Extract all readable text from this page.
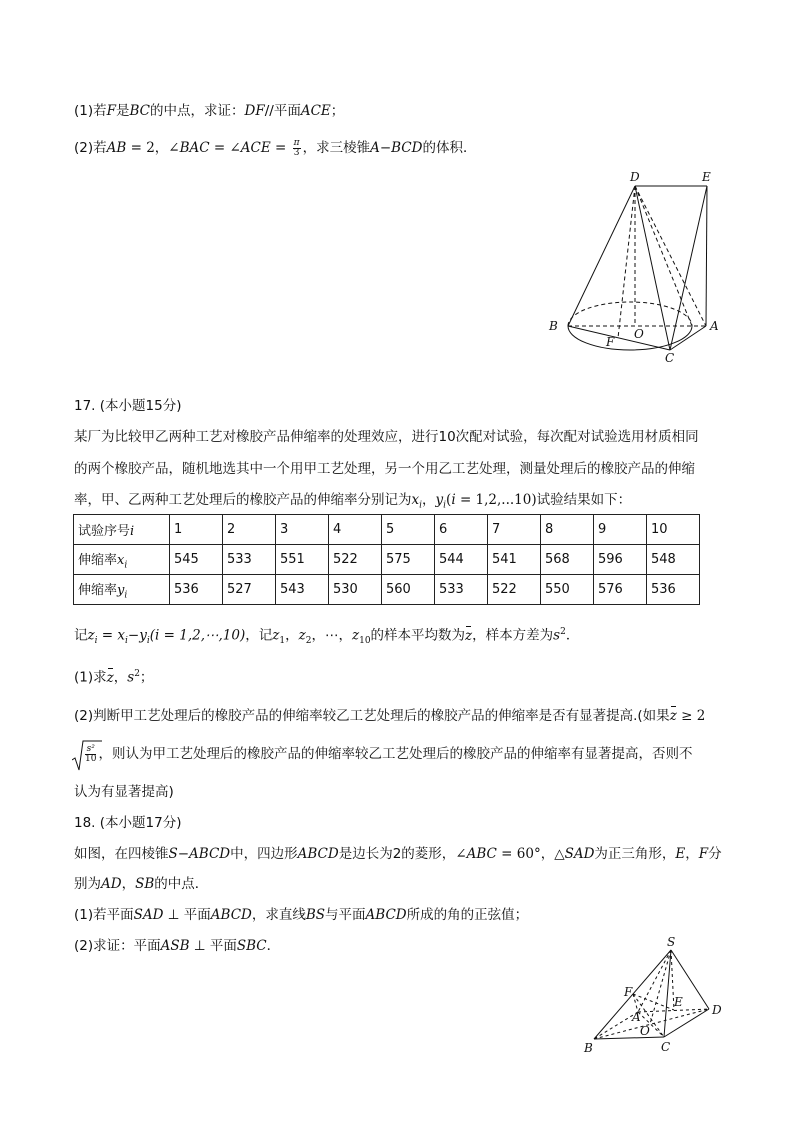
(1)若F是BC的中点，求证：DF//平面ACE；
(2)若AB = 2，∠BAC = ∠ACE = $\frac{\pi}{3}$ ，求三棱锥A−BCD的体积．
D	E
B	A
F
O
C
17. (本小题15分)
某厂为比较甲乙两种工艺对橡胶产品伸缩率的处理效应，进行10次配对试验，每次配对试验选用材质相同
的两个橡胶产品，随机地选其中一个用甲工艺处理，另一个用乙工艺处理，测量处理后的橡胶产品的伸缩
率，甲、乙两种工艺处理后的橡胶产品的伸缩率分别记为$x_i$，$y_i(i = 1,2,...10)$试验结果如下：
试验序号i	1	2	3	4	5	6	7	8	9	10
伸缩率$x_i$	545	533	551	522	575	544	541	568	596	548
伸缩率$y_i$	536	527	543	530	560	533	522	550	576	536
记$z_i = x_i-y_i(i$ = 1,2,⋯,10)，记$z_1$，$z_2$，⋯，$z_{10}$的样本平均数为z，样本方差为$s^2$．
(1)求z，$s^2$；
(2)判断甲工艺处理后的橡胶产品的伸缩率较乙工艺处理后的橡胶产品的伸缩率是否有显著提高.(如果z ≥ 2
$\frac{\text{s²}}{10}$ ，则认为甲工艺处理后的橡胶产品的伸缩率较乙工艺处理后的橡胶产品的伸缩率有显著提高，否则不
认为有显著提高)
18. (本小题17分)
如图，在四棱锥S−ABCD中，四边形ABCD是边长为2的菱形，∠ABC = 60°，△SAD为正三角形，E，F分
别为AD，SB的中点．
(1)若平面SAD ⊥ 平面ABCD，求直线BS与平面ABCD所成的角的正弦值；
(2)求证：平面ASB ⊥ 平面SBC．	S
F
E
D
A
O
B	C
